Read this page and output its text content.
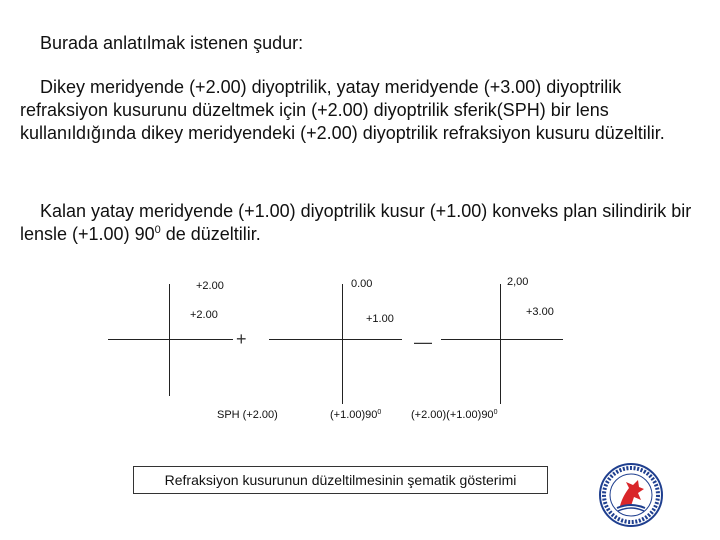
Burada anlatılmak istenen şudur:

Dikey meridyende (+2.00) diyoptrilik, yatay meridyende (+3.00) diyoptrilik refraksiyon kusurunu düzeltmek için (+2.00) diyoptrilik sferik(SPH) bir lens kullanıldığında dikey meridyendeki (+2.00) diyoptrilik refraksiyon kusuru düzeltilir.

Kalan yatay meridyende (+1.00) diyoptrilik kusur (+1.00) konveks plan silindirik bir lensle (+1.00) $90^0$ de düzeltilir.

+2.00
+2.00
SPH (+2.00)
+
0.00
+1.00
$(+1.00)90^0$
—
2,00
+3.00
$(+2.00)(+1.00)90^0$
Refraksiyon kusurunun düzeltilmesinin şematik gösterimi
